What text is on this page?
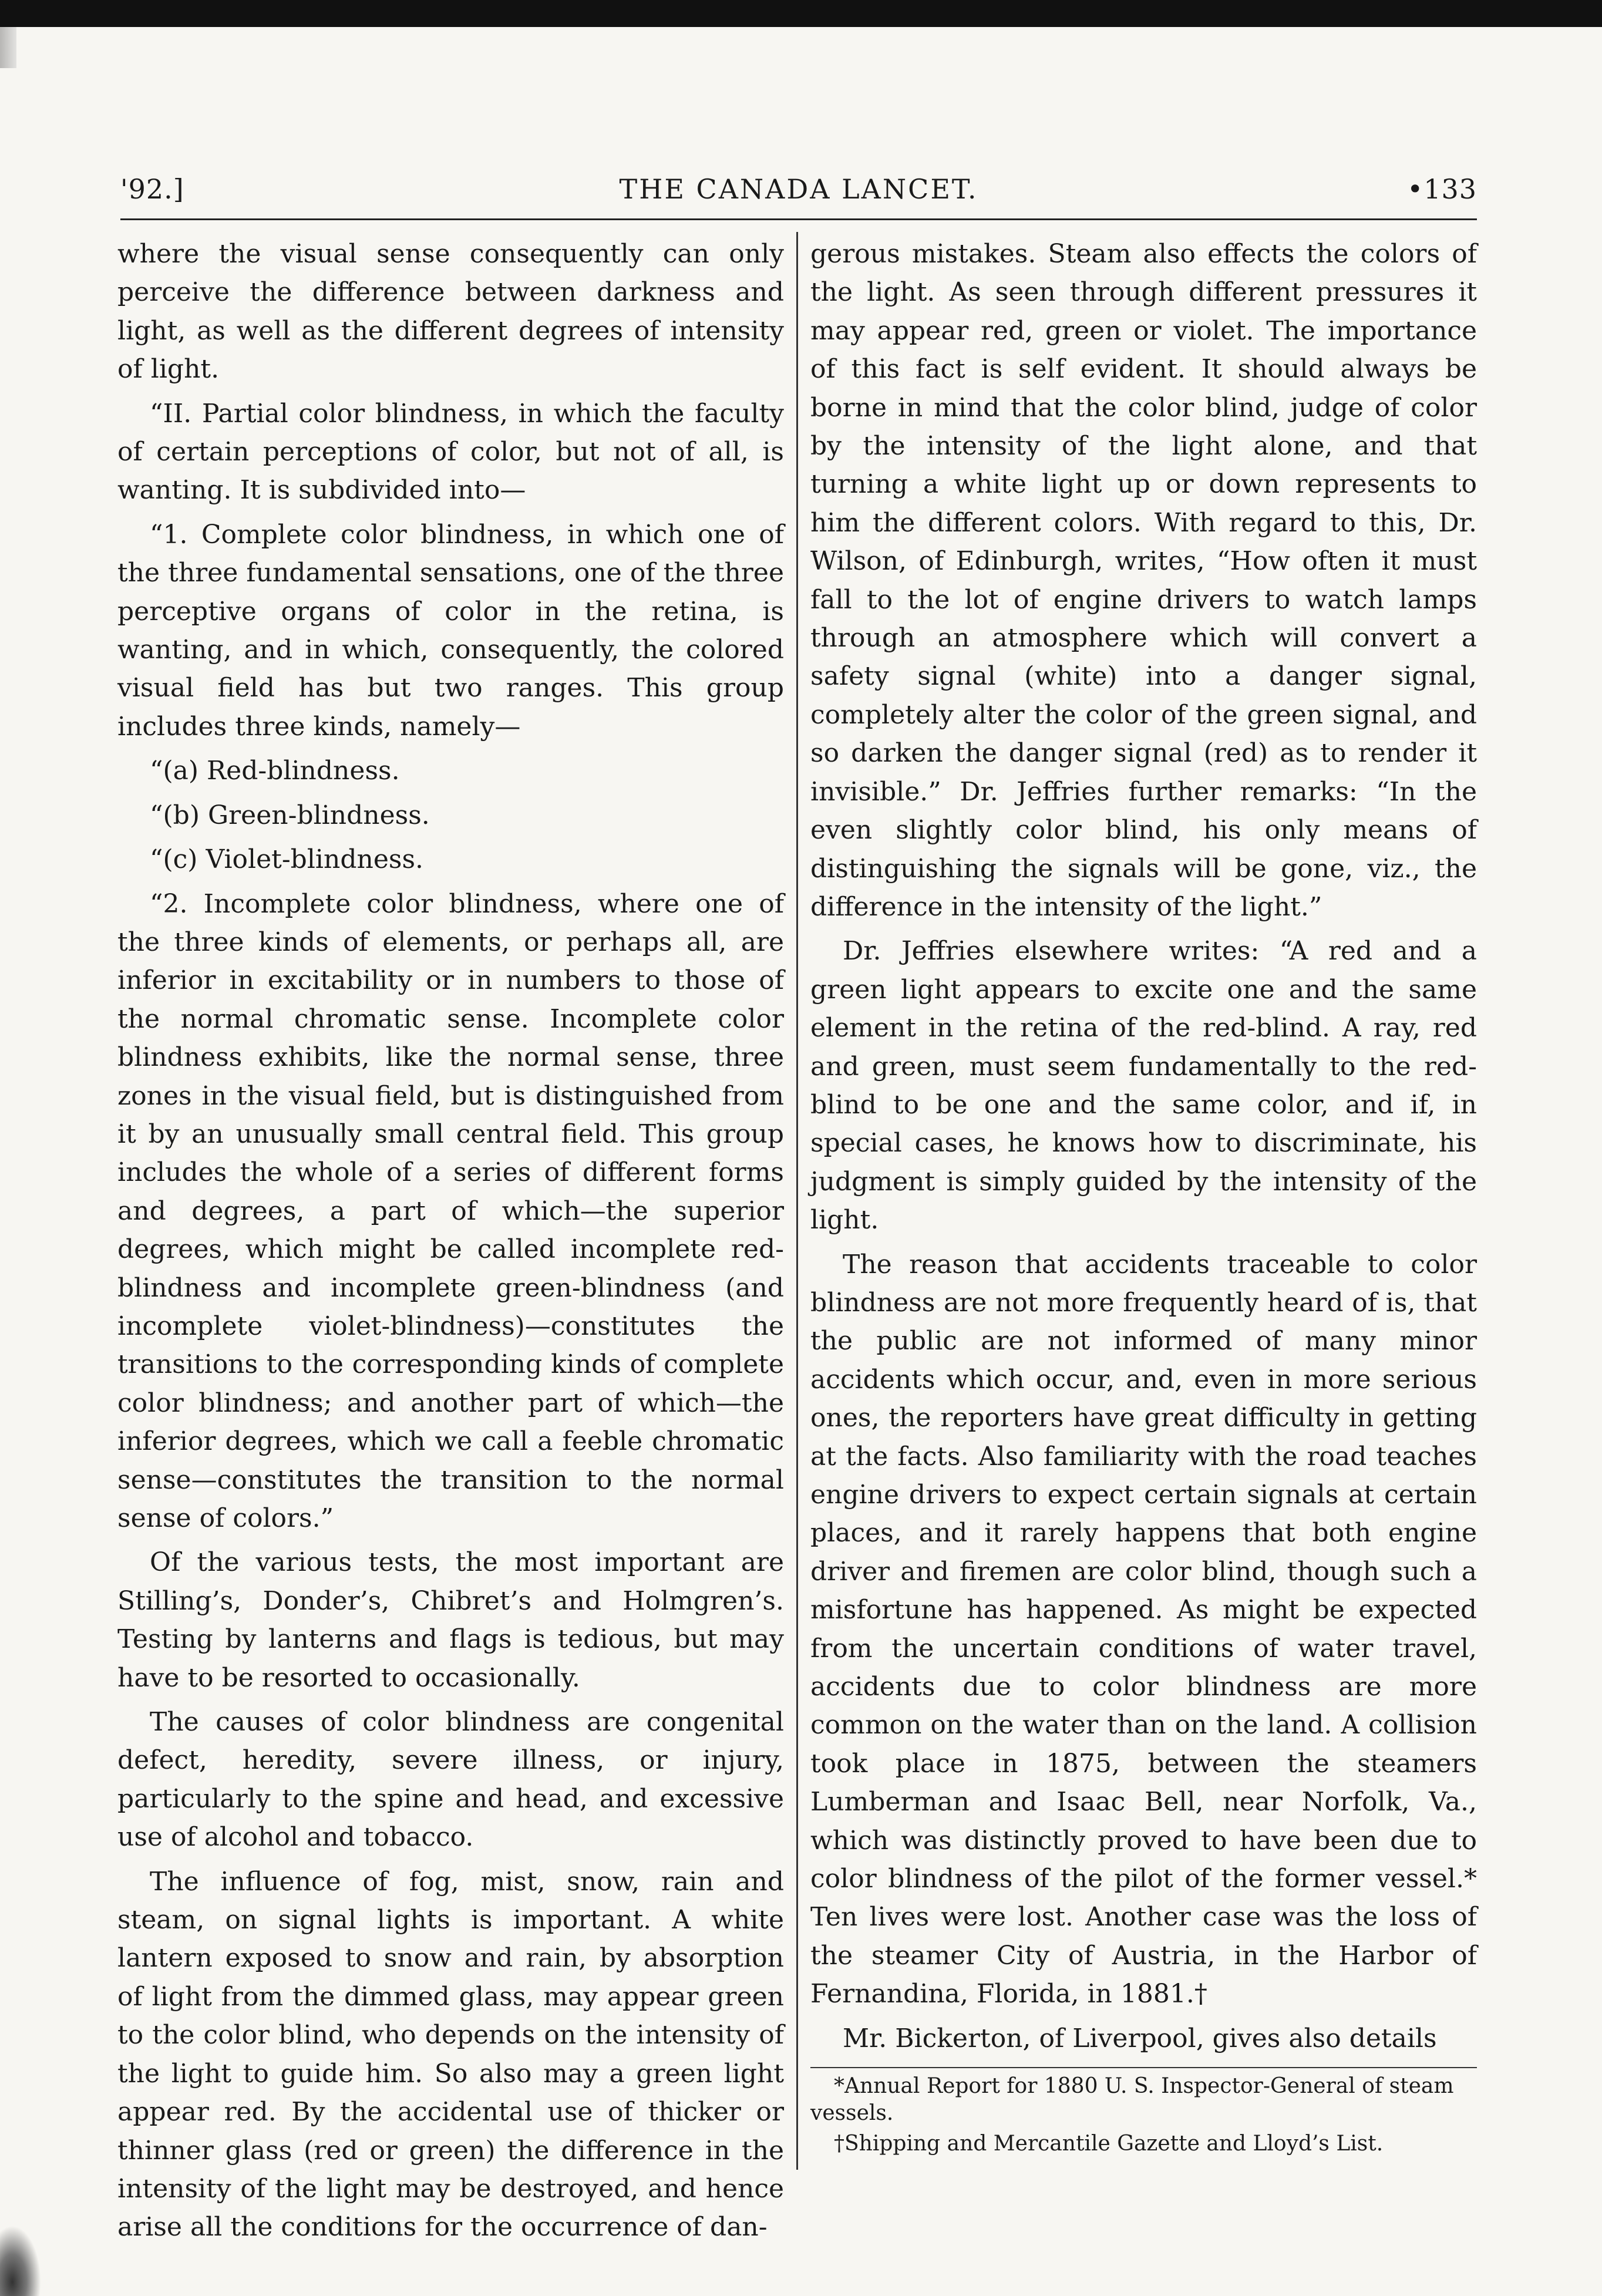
'92.]	THE CANADA LANCET.	•133

where the visual sense consequently can only perceive the difference between darkness and light, as well as the different degrees of intensity of light.

“II. Partial color blindness, in which the faculty of certain perceptions of color, but not of all, is wanting. It is subdivided into—

“1. Complete color blindness, in which one of the three fundamental sensations, one of the three perceptive organs of color in the retina, is wanting, and in which, consequently, the colored visual field has but two ranges. This group includes three kinds, namely—

“(a) Red-blindness.

“(b) Green-blindness.

“(c) Violet-blindness.

“2. Incomplete color blindness, where one of the three kinds of elements, or perhaps all, are inferior in excitability or in numbers to those of the normal chromatic sense. Incomplete color blindness exhibits, like the normal sense, three zones in the visual field, but is distinguished from it by an unusually small central field. This group includes the whole of a series of different forms and degrees, a part of which—the superior degrees, which might be called incomplete red-blindness and incomplete green-blindness (and incomplete violet-blindness)—constitutes the transitions to the corresponding kinds of complete color blindness; and another part of which—the inferior degrees, which we call a feeble chromatic sense—constitutes the transition to the normal sense of colors.”

Of the various tests, the most important are Stilling’s, Donder’s, Chibret’s and Holmgren’s. Testing by lanterns and flags is tedious, but may have to be resorted to occasionally.

The causes of color blindness are congenital defect, heredity, severe illness, or injury, particularly to the spine and head, and excessive use of alcohol and tobacco.

The influence of fog, mist, snow, rain and steam, on signal lights is important. A white lantern exposed to snow and rain, by absorption of light from the dimmed glass, may appear green to the color blind, who depends on the intensity of the light to guide him. So also may a green light appear red. By the accidental use of thicker or thinner glass (red or green) the difference in the intensity of the light may be destroyed, and hence arise all the conditions for the occurrence of dan-

gerous mistakes. Steam also effects the colors of the light. As seen through different pressures it may appear red, green or violet. The importance of this fact is self evident. It should always be borne in mind that the color blind, judge of color by the intensity of the light alone, and that turning a white light up or down represents to him the different colors. With regard to this, Dr. Wilson, of Edinburgh, writes, “How often it must fall to the lot of engine drivers to watch lamps through an atmosphere which will convert a safety signal (white) into a danger signal, completely alter the color of the green signal, and so darken the danger signal (red) as to render it invisible.” Dr. Jeffries further remarks: “In the even slightly color blind, his only means of distinguishing the signals will be gone, viz., the difference in the intensity of the light.”

Dr. Jeffries elsewhere writes: “A red and a green light appears to excite one and the same element in the retina of the red-blind. A ray, red and green, must seem fundamentally to the red-blind to be one and the same color, and if, in special cases, he knows how to discriminate, his judgment is simply guided by the intensity of the light.

The reason that accidents traceable to color blindness are not more frequently heard of is, that the public are not informed of many minor accidents which occur, and, even in more serious ones, the reporters have great difficulty in getting at the facts. Also familiarity with the road teaches engine drivers to expect certain signals at certain places, and it rarely happens that both engine driver and firemen are color blind, though such a misfortune has happened. As might be expected from the uncertain conditions of water travel, accidents due to color blindness are more common on the water than on the land. A collision took place in 1875, between the steamers Lumberman and Isaac Bell, near Norfolk, Va., which was distinctly proved to have been due to color blindness of the pilot of the former vessel.* Ten lives were lost. Another case was the loss of the steamer City of Austria, in the Harbor of Fernandina, Florida, in 1881.†

Mr. Bickerton, of Liverpool, gives also details

*Annual Report for 1880 U. S. Inspector-General of steam vessels.

†Shipping and Mercantile Gazette and Lloyd’s List.
